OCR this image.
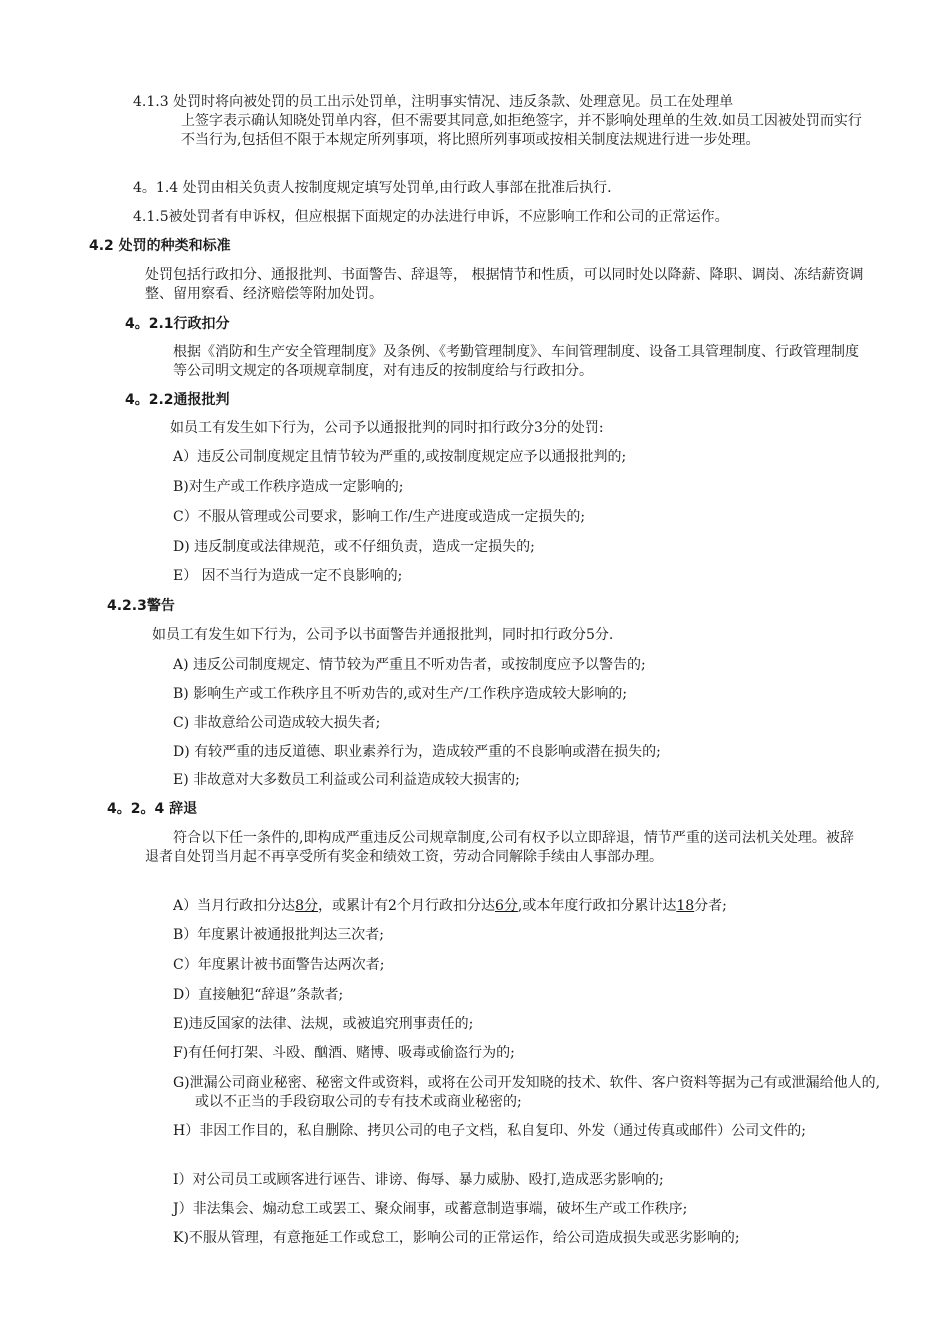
4.1.3 处罚时将向被处罚的员工出示处罚单，注明事实情况、违反条款、处理意见。员工在处理单
上签字表示确认知晓处罚单内容，但不需要其同意,如拒绝签字，并不影响处理单的生效.如员工因被处罚而实行不当行为,包括但不限于本规定所列事项，将比照所列事项或按相关制度法规进行进一步处理。
4。1.4 处罚由相关负责人按制度规定填写处罚单,由行政人事部在批准后执行.
4.1.5被处罚者有申诉权，但应根据下面规定的办法进行申诉，不应影响工作和公司的正常运作。
4.2 处罚的种类和标准
处罚包括行政扣分、通报批判、书面警告、辞退等， 根据情节和性质，可以同时处以降薪、降职、调岗、冻结薪资调整、留用察看、经济赔偿等附加处罚。
4。2.1行政扣分
根据《消防和生产安全管理制度》及条例、《考勤管理制度》、车间管理制度、设备工具管理制度、行政管理制度等公司明文规定的各项规章制度，对有违反的按制度给与行政扣分。
4。2.2通报批判
如员工有发生如下行为，公司予以通报批判的同时扣行政分3分的处罚:
A）违反公司制度规定且情节较为严重的,或按制度规定应予以通报批判的;
B)对生产或工作秩序造成一定影响的;
C）不服从管理或公司要求，影响工作/生产进度或造成一定损失的;
D) 违反制度或法律规范，或不仔细负责，造成一定损失的;
E） 因不当行为造成一定不良影响的;
4.2.3警告
如员工有发生如下行为，公司予以书面警告并通报批判，同时扣行政分5分.
A) 违反公司制度规定、情节较为严重且不听劝告者，或按制度应予以警告的;
B) 影响生产或工作秩序且不听劝告的,或对生产/工作秩序造成较大影响的;
C) 非故意给公司造成较大损失者;
D) 有较严重的违反道德、职业素养行为，造成较严重的不良影响或潜在损失的;
E) 非故意对大多数员工利益或公司利益造成较大损害的;
4。2。4 辞退
符合以下任一条件的,即构成严重违反公司规章制度,公司有权予以立即辞退，情节严重的送司法机关处理。被辞退者自处罚当月起不再享受所有奖金和绩效工资，劳动合同解除手续由人事部办理。
A）当月行政扣分达8分，或累计有2个月行政扣分达6分,或本年度行政扣分累计达18分者;
B）年度累计被通报批判达三次者;
C）年度累计被书面警告达两次者;
D）直接触犯“辞退”条款者;
E)违反国家的法律、法规，或被追究刑事责任的;
F)有任何打架、斗殴、酗酒、赌博、吸毒或偷盗行为的;
G)泄漏公司商业秘密、秘密文件或资料，或将在公司开发知晓的技术、软件、客户资料等据为己有或泄漏给他人的,或以不正当的手段窃取公司的专有技术或商业秘密的;
H）非因工作目的，私自删除、拷贝公司的电子文档，私自复印、外发（通过传真或邮件）公司文件的;
I）对公司员工或顾客进行诬告、诽谤、侮辱、暴力威胁、殴打,造成恶劣影响的;
J）非法集会、煽动怠工或罢工、聚众闹事，或蓄意制造事端，破坏生产或工作秩序;
K)不服从管理，有意拖延工作或怠工，影响公司的正常运作，给公司造成损失或恶劣影响的;
